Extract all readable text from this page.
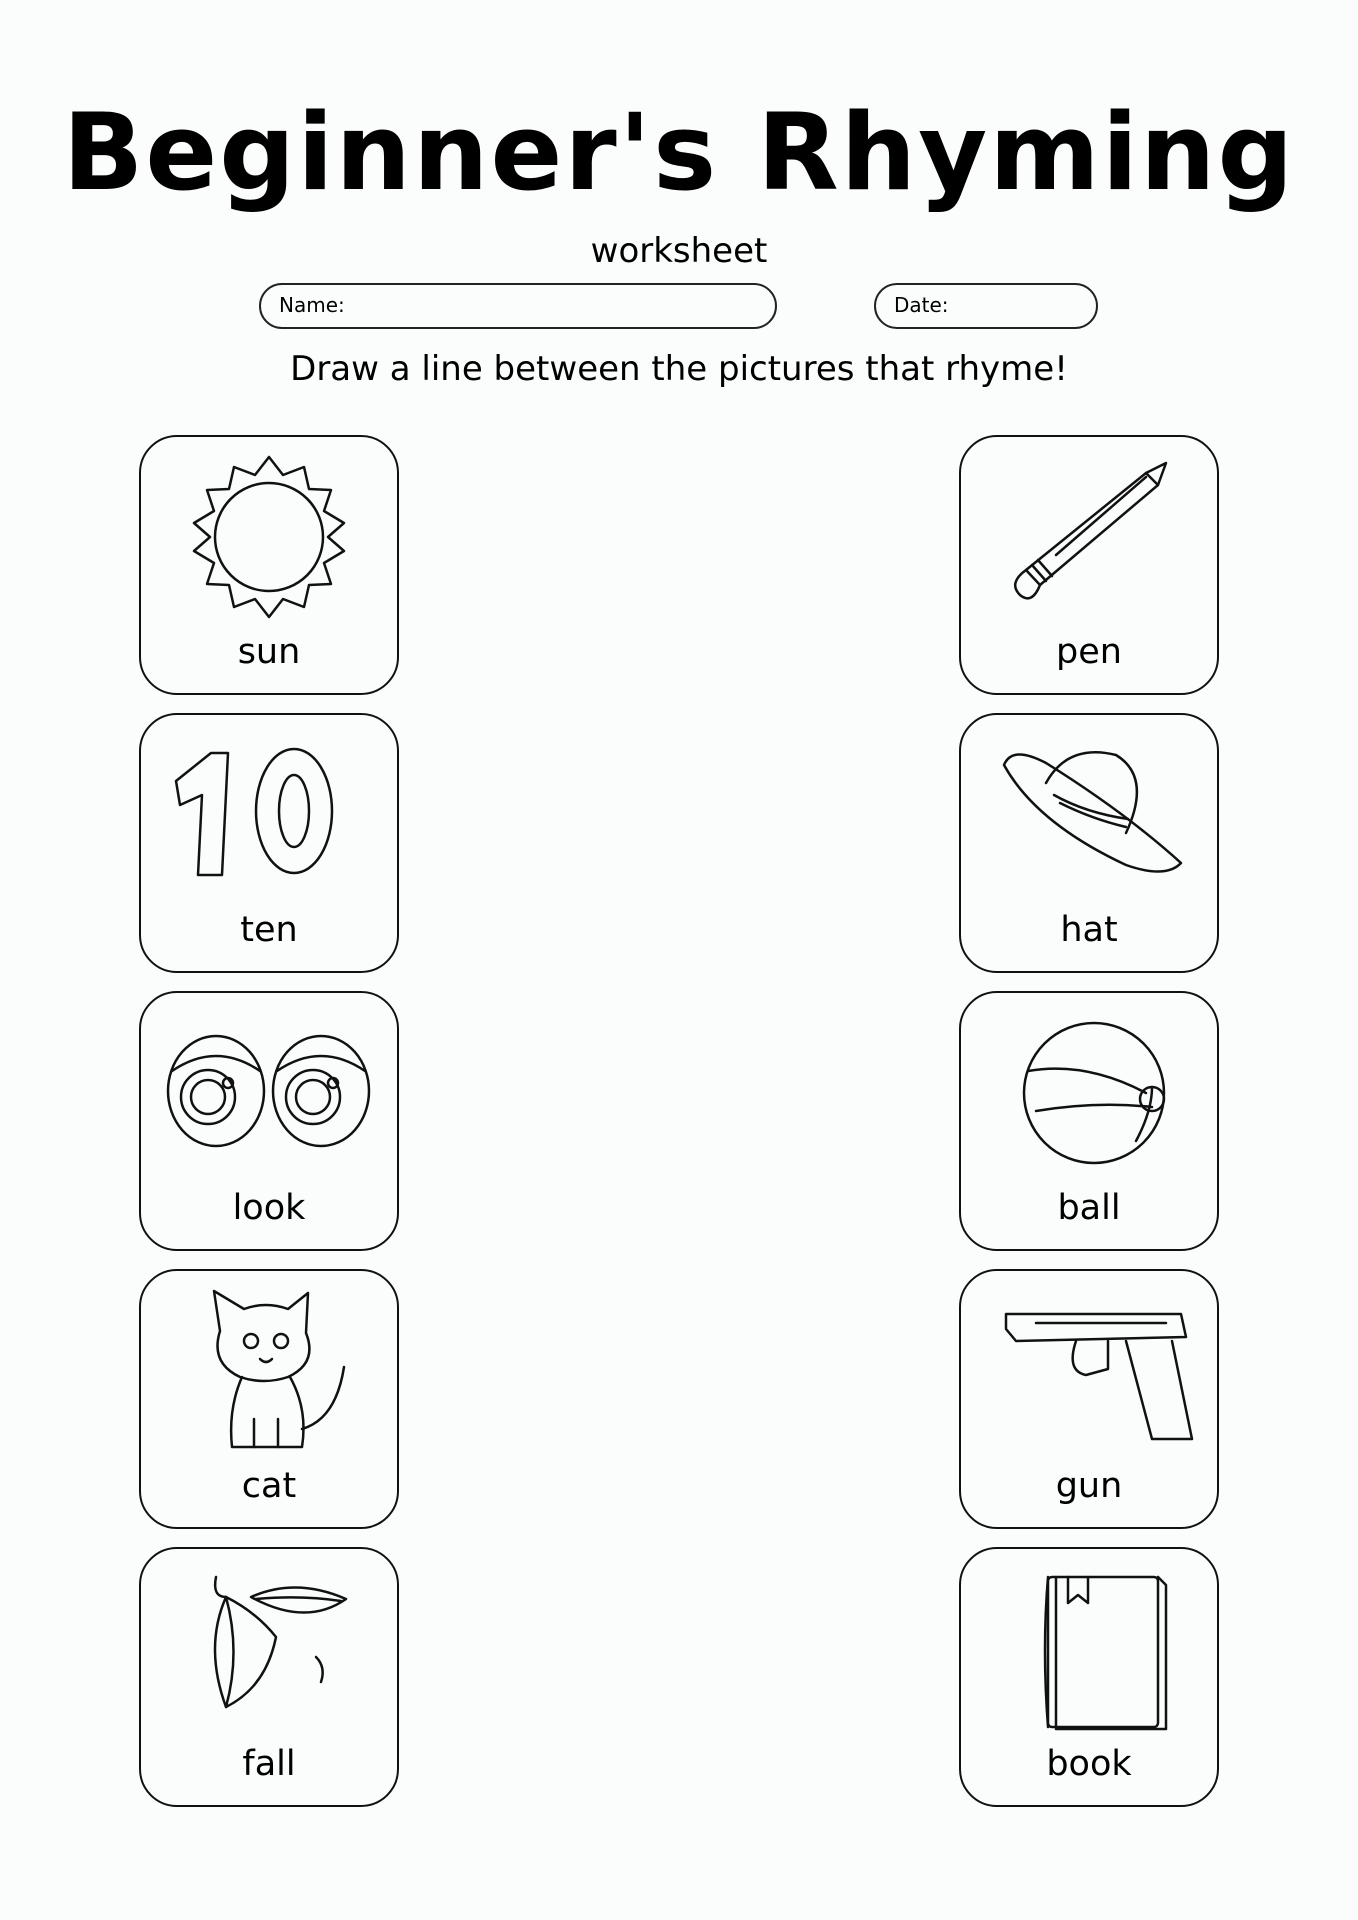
Beginner's Rhyming
worksheet
Name:	Date:
Draw a line between the pictures that rhyme!
sun
ten
look
cat
fall
pen
hat
ball
gun
book
